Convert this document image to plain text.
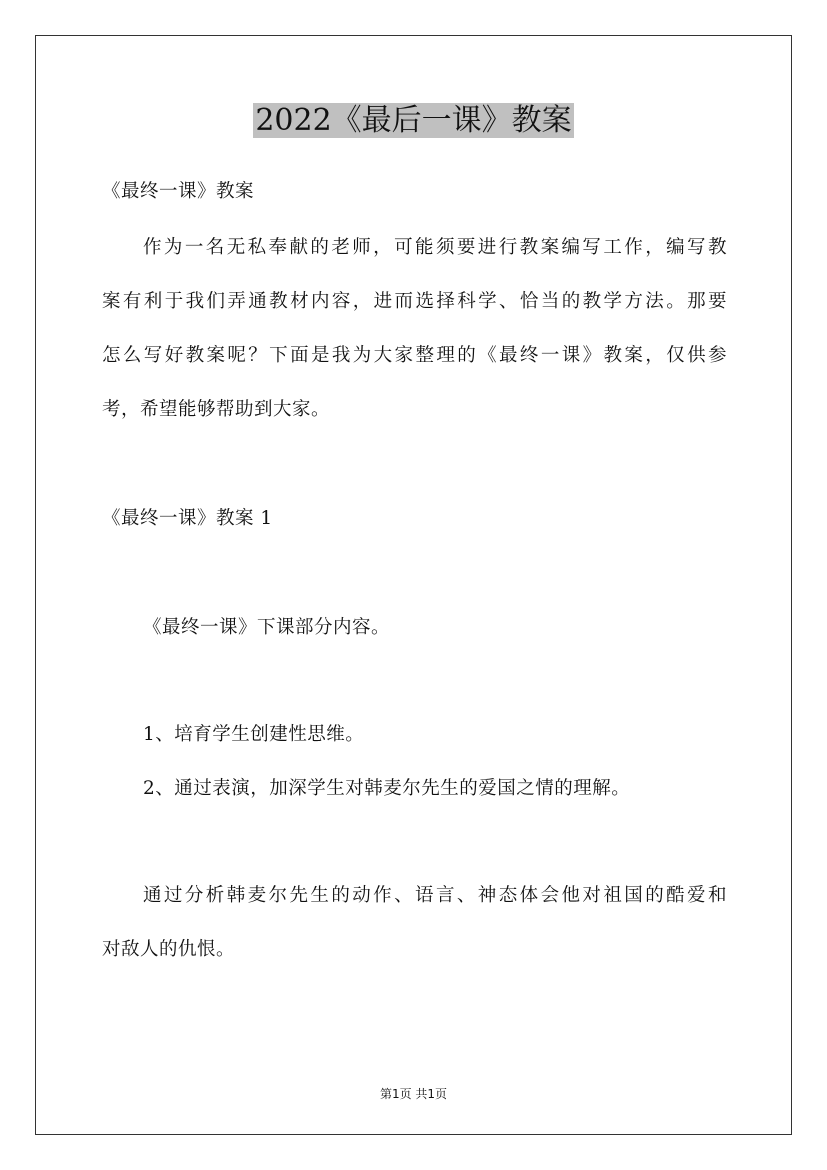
2022《最后一课》教案
《最终一课》教案
作为一名无私奉献的老师，可能须要进行教案编写工作，编写教
案有利于我们弄通教材内容，进而选择科学、恰当的教学方法。那要
怎么写好教案呢？下面是我为大家整理的《最终一课》教案，仅供参
考，希望能够帮助到大家。
《最终一课》教案 1
《最终一课》下课部分内容。
1、培育学生创建性思维。
2、通过表演，加深学生对韩麦尔先生的爱国之情的理解。
通过分析韩麦尔先生的动作、语言、神态体会他对祖国的酷爱和
对敌人的仇恨。
第1页 共1页
